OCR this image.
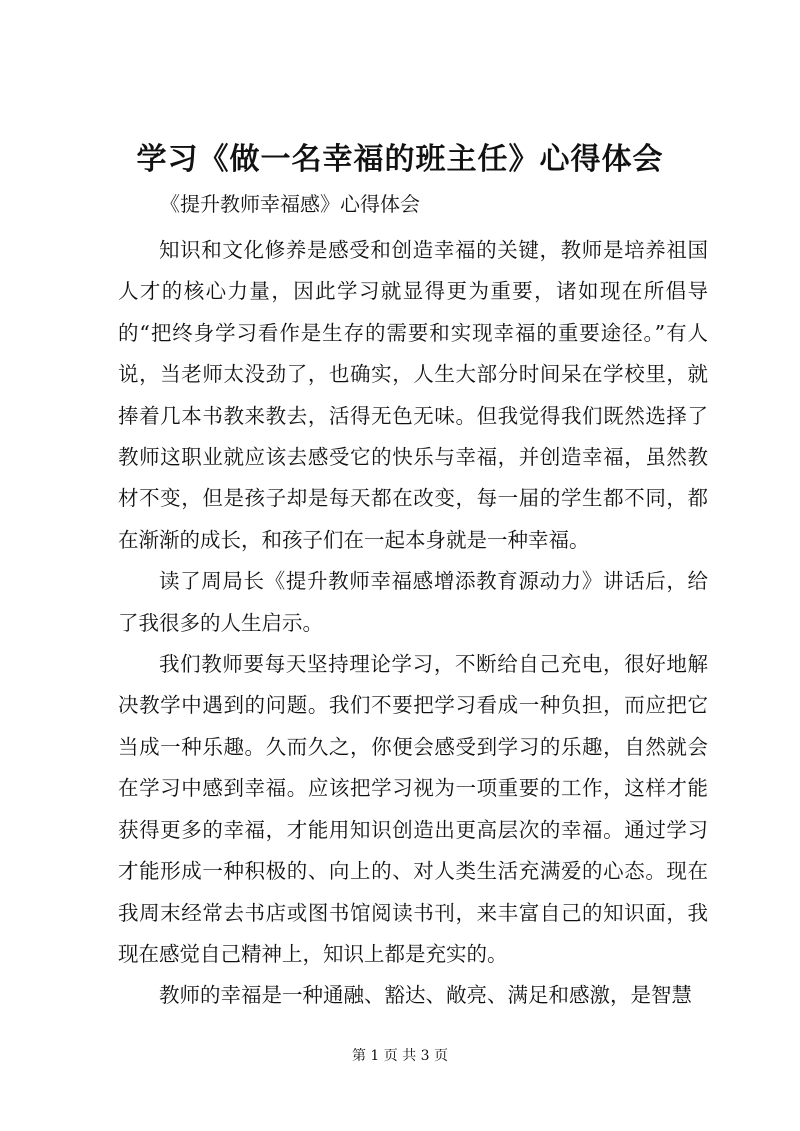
学习《做一名幸福的班主任》心得体会
《提升教师幸福感》心得体会

知识和文化修养是感受和创造幸福的关键，教师是培养祖国人才的核心力量，因此学习就显得更为重要，诸如现在所倡导的“把终身学习看作是生存的需要和实现幸福的重要途径。”有人说，当老师太没劲了，也确实，人生大部分时间呆在学校里，就捧着几本书教来教去，活得无色无味。但我觉得我们既然选择了教师这职业就应该去感受它的快乐与幸福，并创造幸福，虽然教材不变，但是孩子却是每天都在改变，每一届的学生都不同，都在渐渐的成长，和孩子们在一起本身就是一种幸福。

读了周局长《提升教师幸福感增添教育源动力》讲话后，给了我很多的人生启示。

我们教师要每天坚持理论学习，不断给自己充电，很好地解决教学中遇到的问题。我们不要把学习看成一种负担，而应把它当成一种乐趣。久而久之，你便会感受到学习的乐趣，自然就会在学习中感到幸福。应该把学习视为一项重要的工作，这样才能获得更多的幸福，才能用知识创造出更高层次的幸福。通过学习才能形成一种积极的、向上的、对人类生活充满爱的心态。现在我周末经常去书店或图书馆阅读书刊，来丰富自己的知识面，我现在感觉自己精神上，知识上都是充实的。

教师的幸福是一种通融、豁达、敞亮、满足和感激，是智慧

第 1 页 共 3 页
